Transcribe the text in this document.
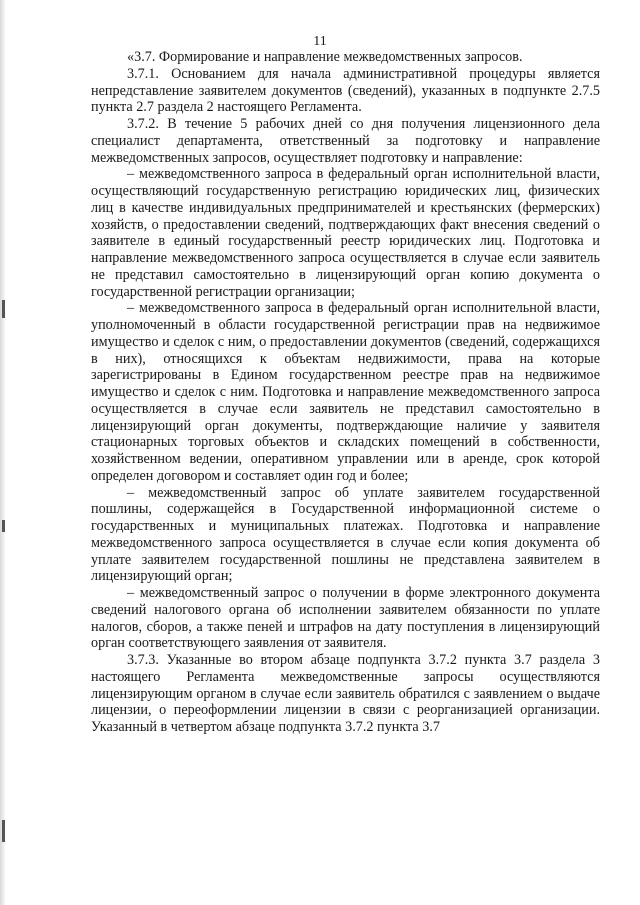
11

«3.7. Формирование и направление межведомственных запросов.

3.7.1. Основанием для начала административной процедуры является непредставление заявителем документов (сведений), указанных в подпункте 2.7.5 пункта 2.7 раздела 2 настоящего Регламента.

3.7.2. В течение 5 рабочих дней со дня получения лицензионного дела специалист департамента, ответственный за подготовку и направление межведомственных запросов, осуществляет подготовку и направление:

– межведомственного запроса в федеральный орган исполнительной власти, осуществляющий государственную регистрацию юридических лиц, физических лиц в качестве индивидуальных предпринимателей и крестьянских (фермерских) хозяйств, о предоставлении сведений, подтверждающих факт внесения сведений о заявителе в единый государственный реестр юридических лиц. Подготовка и направление межведомственного запроса осуществляется в случае если заявитель не представил самостоятельно в лицензирующий орган копию документа о государственной регистрации организации;

– межведомственного запроса в федеральный орган исполнительной власти, уполномоченный в области государственной регистрации прав на недвижимое имущество и сделок с ним, о предоставлении документов (сведений, содержащихся в них), относящихся к объектам недвижимости, права на которые зарегистрированы в Едином государственном реестре прав на недвижимое имущество и сделок с ним. Подготовка и направление межведомственного запроса осуществляется в случае если заявитель не представил самостоятельно в лицензирующий орган документы, подтверждающие наличие у заявителя стационарных торговых объектов и складских помещений в собственности, хозяйственном ведении, оперативном управлении или в аренде, срок которой определен договором и составляет один год и более;

– межведомственный запрос об уплате заявителем государственной пошлины, содержащейся в Государственной информационной системе о государственных и муниципальных платежах. Подготовка и направление межведомственного запроса осуществляется в случае если копия документа об уплате заявителем государственной пошлины не представлена заявителем в лицензирующий орган;

– межведомственный запрос о получении в форме электронного документа сведений налогового органа об исполнении заявителем обязанности по уплате налогов, сборов, а также пеней и штрафов на дату поступления в лицензирующий орган соответствующего заявления от заявителя.

3.7.3. Указанные во втором абзаце подпункта 3.7.2 пункта 3.7 раздела 3 настоящего Регламента межведомственные запросы осуществляются лицензирующим органом в случае если заявитель обратился с заявлением о выдаче лицензии, о переоформлении лицензии в связи с реорганизацией организации. Указанный в четвертом абзаце подпункта 3.7.2 пункта 3.7
